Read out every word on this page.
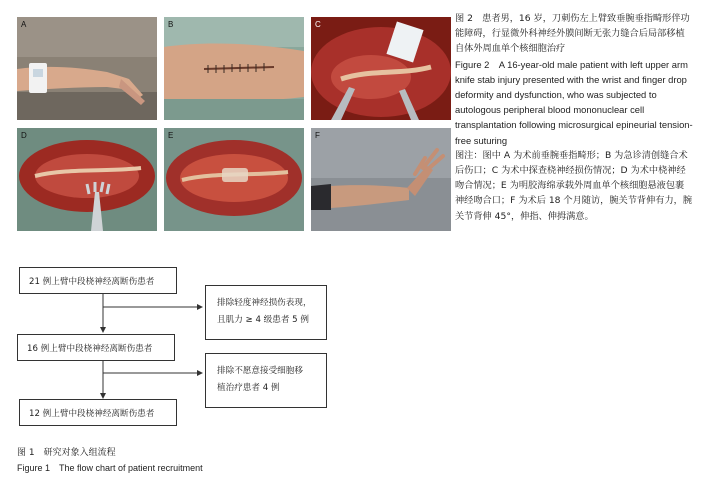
A	B	C
D	E	F

图 2　患者男，16 岁，刀刺伤左上臂致垂腕垂指畸形伴功能障碍，行显微外科神经外膜间断无张力缝合后局部移植自体外周血单个核细胞治疗

Figure 2　A 16-year-old male patient with left upper arm knife stab injury presented with the wrist and finger drop deformity and dysfunction, who was subjected to autologous peripheral blood mononuclear cell transplantation following microsurgical epineurial tension-free suturing

图注：图中 A 为术前垂腕垂指畸形；B 为急诊清创缝合术后伤口；C 为术中探查桡神经损伤情况；D 为术中桡神经吻合情况；E 为明胶海绵承载外周血单个核细胞悬液包裹神经吻合口；F 为术后 18 个月随访，腕关节背伸有力，腕关节背伸 45°，伸指、伸拇满意。

21 例上臂中段桡神经离断伤患者
排除轻度神经损伤表现，
且肌力 ≥ 4 级患者 5 例
16 例上臂中段桡神经离断伤患者
排除不愿意接受细胞移
植治疗患者 4 例
12 例上臂中段桡神经离断伤患者
图 1　研究对象入组流程
Figure 1　The flow chart of patient recruitment
